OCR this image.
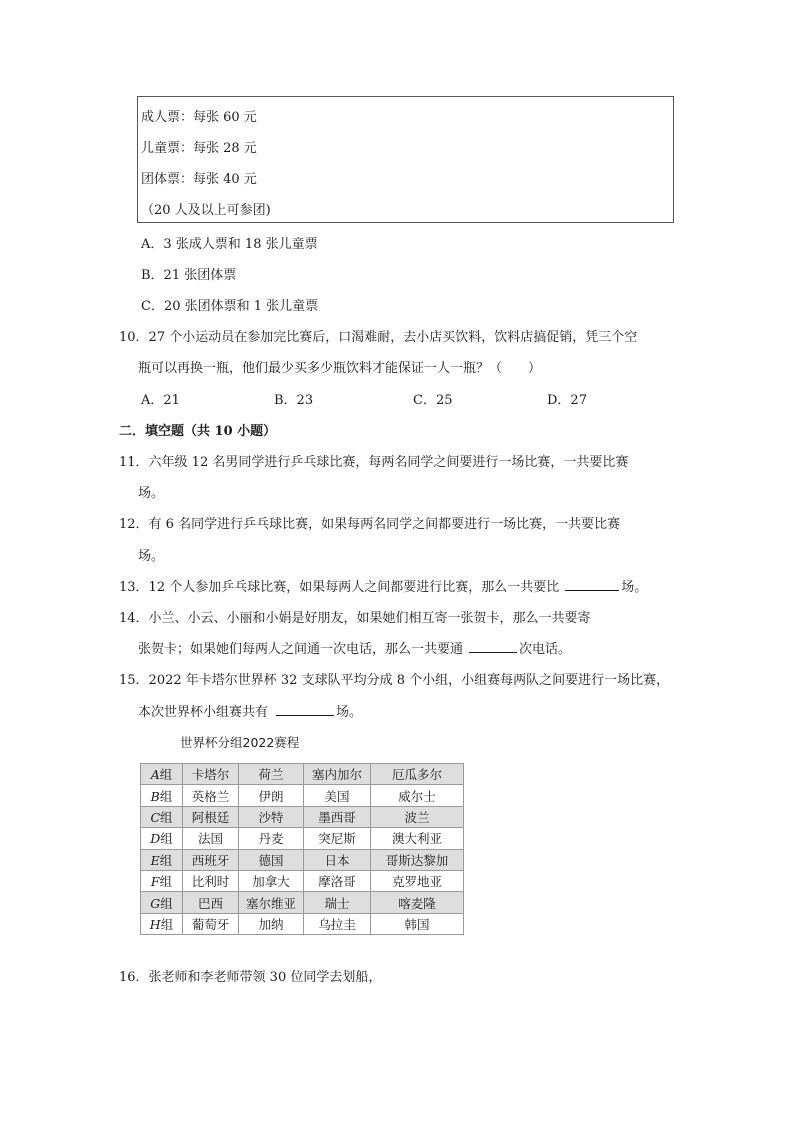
成人票：每张 60 元
儿童票：每张 28 元
团体票：每张 40 元
（20 人及以上可参团)
A．3 张成人票和 18 张儿童票
B．21 张团体票
C．20 张团体票和 1 张儿童票
10．27 个小运动员在参加完比赛后，口渴难耐，去小店买饮料，饮料店搞促销，凭三个空
瓶可以再换一瓶，他们最少买多少瓶饮料才能保证一人一瓶？（　　）
A．21	B．23	C．25	D．27
二．填空题（共 10 小题）
11．六年级 12 名男同学进行乒乓球比赛，每两名同学之间要进行一场比赛，一共要比赛
场。
12．有 6 名同学进行乒乓球比赛，如果每两名同学之间都要进行一场比赛，一共要比赛
场。
13．12 个人参加乒乓球比赛，如果每两人之间都要进行比赛，那么一共要比	场。
14．小兰、小云、小丽和小娟是好朋友，如果她们相互寄一张贺卡，那么一共要寄
张贺卡；如果她们每两人之间通一次电话，那么一共要通	次电话。
15．2022 年卡塔尔世界杯 32 支球队平均分成 8 个小组，小组赛每两队之间要进行一场比赛，
本次世界杯小组赛共有	场。
世界杯分组2022赛程
A组	卡塔尔	荷兰	塞内加尔	厄瓜多尔
B组	英格兰	伊朗	美国	威尔士
C组	阿根廷	沙特	墨西哥	波兰
D组	法国	丹麦	突尼斯	澳大利亚
E组	西班牙	德国	日本	哥斯达黎加
F组	比利时	加拿大	摩洛哥	克罗地亚
G组	巴西	塞尔维亚	瑞士	喀麦隆
H组	葡萄牙	加纳	乌拉圭	韩国
16．张老师和李老师带领 30 位同学去划船，
